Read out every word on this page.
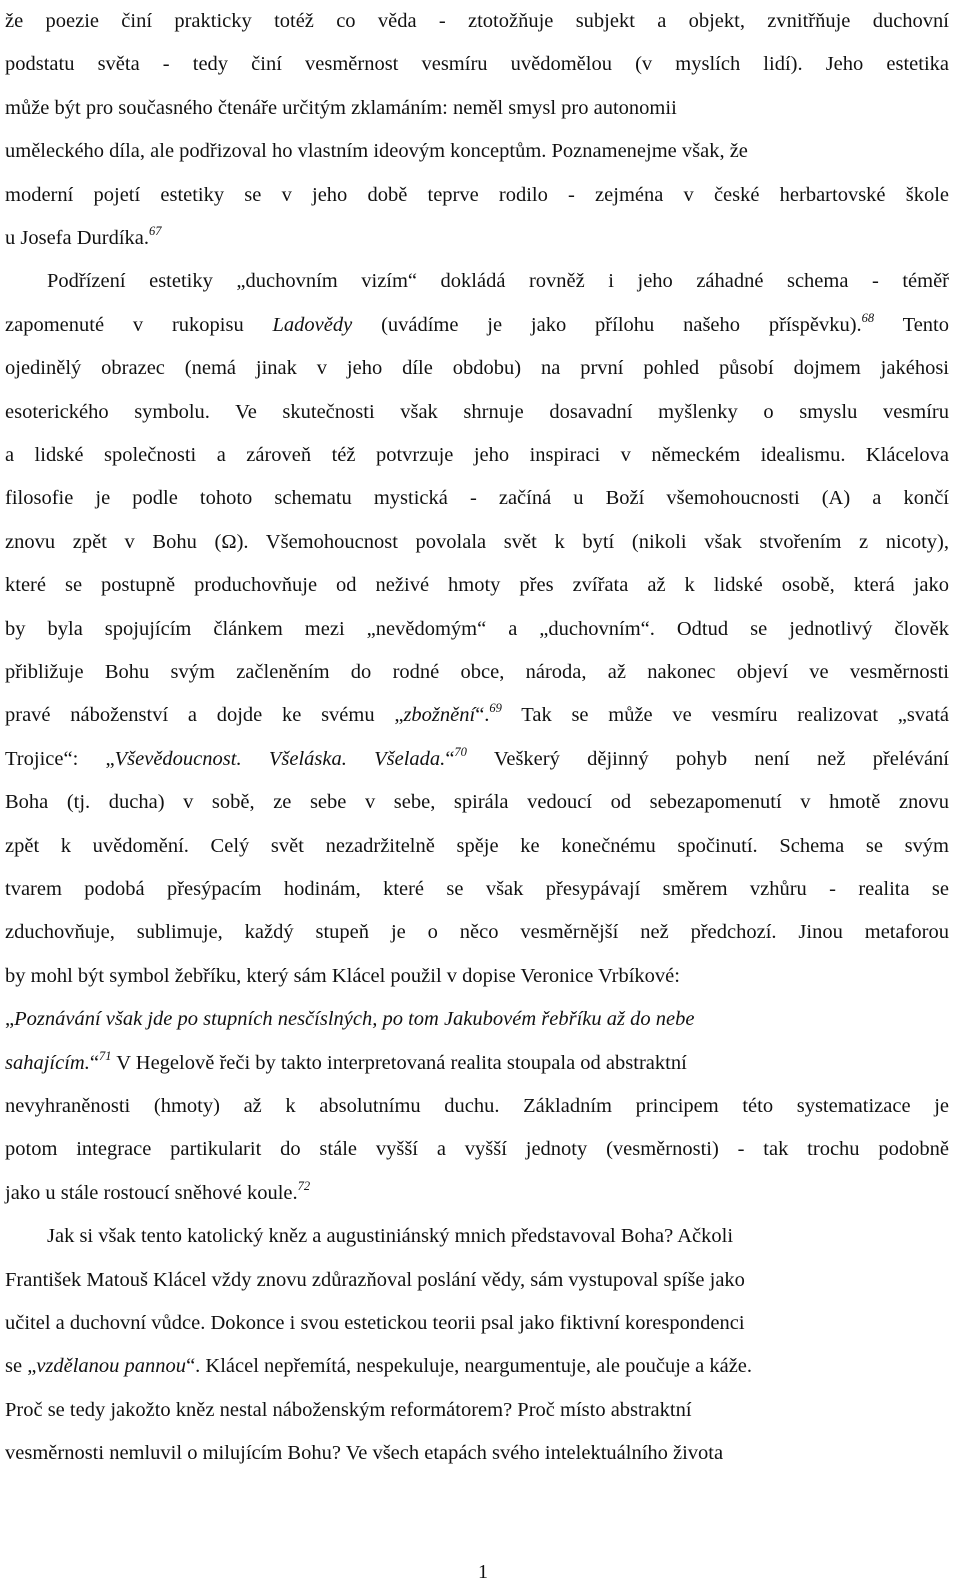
že poezie činí prakticky totéž co věda - ztotožňuje subjekt a objekt, zvnitřňuje duchovní
podstatu světa - tedy činí vesměrnost vesmíru uvědomělou (v myslích lidí). Jeho estetika
může být pro současného čtenáře určitým zklamáním: neměl smysl pro autonomii
uměleckého díla, ale podřizoval ho vlastním ideovým konceptům. Poznamenejme však, že
moderní pojetí estetiky se v jeho době teprve rodilo - zejména v české herbartovské škole
u Josefa Durdíka.$^{67}$
Podřízení estetiky „duchovním vizím“ dokládá rovněž i jeho záhadné schema - téměř
zapomenuté v rukopisu Ladovědy (uvádíme je jako přílohu našeho příspěvku).$^{68}$ Tento
ojedinělý obrazec (nemá jinak v jeho díle obdobu) na první pohled působí dojmem jakéhosi
esoterického symbolu. Ve skutečnosti však shrnuje dosavadní myšlenky o smyslu vesmíru
a lidské společnosti a zároveň též potvrzuje jeho inspiraci v německém idealismu. Klácelova
filosofie je podle tohoto schematu mystická - začíná u Boží všemohoucnosti (A) a končí
znovu zpět v Bohu (Ω). Všemohoucnost povolala svět k bytí (nikoli však stvořením z nicoty),
které se postupně produchovňuje od neživé hmoty přes zvířata až k lidské osobě, která jako
by byla spojujícím článkem mezi „nevědomým“ a „duchovním“. Odtud se jednotlivý člověk
přibližuje Bohu svým začleněním do rodné obce, národa, až nakonec objeví ve vesměrnosti
pravé náboženství a dojde ke svému „zbožnění“.$^{69}$ Tak se může ve vesmíru realizovat „svatá
Trojice“: „Vševědoucnost. Všeláska. Všelada.“$^{70}$ Veškerý dějinný pohyb není než přelévání
Boha (tj. ducha) v sobě, ze sebe v sebe, spirála vedoucí od sebezapomenutí v hmotě znovu
zpět k uvědomění. Celý svět nezadržitelně spěje ke konečnému spočinutí. Schema se svým
tvarem podobá přesýpacím hodinám, které se však přesypávají směrem vzhůru - realita se
zduchovňuje, sublimuje, každý stupeň je o něco vesměrnější než předchozí. Jinou metaforou
by mohl být symbol žebříku, který sám Klácel použil v dopise Veronice Vrbíkové:
„Poznávání však jde po stupních nesčíslných, po tom Jakubovém řebříku až do nebe
sahajícím.“$^{71}$ V Hegelově řeči by takto interpretovaná realita stoupala od abstraktní
nevyhraněnosti (hmoty) až k absolutnímu duchu. Základním principem této systematizace je
potom integrace partikularit do stále vyšší a vyšší jednoty (vesměrnosti) - tak trochu podobně
jako u stále rostoucí sněhové koule.$^{72}$
Jak si však tento katolický kněz a augustiniánský mnich představoval Boha? Ačkoli
František Matouš Klácel vždy znovu zdůrazňoval poslání vědy, sám vystupoval spíše jako
učitel a duchovní vůdce. Dokonce i svou estetickou teorii psal jako fiktivní korespondenci
se „vzdělanou pannou“. Klácel nepřemítá, nespekuluje, neargumentuje, ale poučuje a káže.
Proč se tedy jakožto kněz nestal náboženským reformátorem? Proč místo abstraktní
vesměrnosti nemluvil o milujícím Bohu? Ve všech etapách svého intelektuálního života
1
